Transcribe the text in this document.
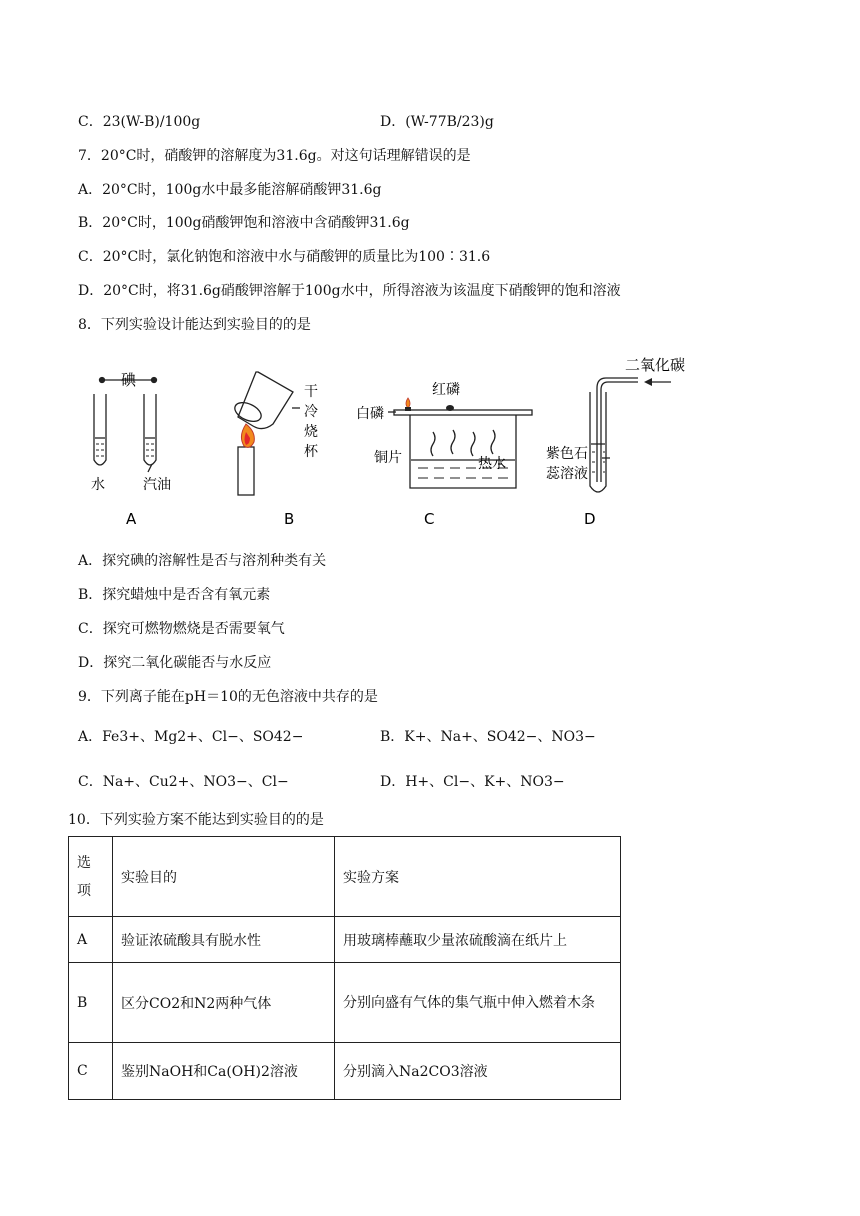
C．23(W-B)/100g	D．(W-77B/23)g
7．20°C时，硝酸钾的溶解度为31.6g。对这句话理解错误的是
A．20°C时，100g水中最多能溶解硝酸钾31.6g
B．20°C时，100g硝酸钾饱和溶液中含硝酸钾31.6g
C．20°C时，氯化钠饱和溶液中水与硝酸钾的质量比为100∶31.6
D．20°C时，将31.6g硝酸钾溶解于100g水中，所得溶液为该温度下硝酸钾的饱和溶液
8．下列实验设计能达到实验目的的是
碘
水	汽油
A
干
冷
烧
杯
B
白磷
红磷
铜片	热水
C
二氧化碳
紫色石
蕊溶液
D
A．探究碘的溶解性是否与溶剂种类有关
B．探究蜡烛中是否含有氧元素
C．探究可燃物燃烧是否需要氧气
D．探究二氧化碳能否与水反应
9．下列离子能在pH＝10的无色溶液中共存的是
A．Fe3+、Mg2+、Cl−、SO42−	B．K+、Na+、SO42−、NO3−
C．Na+、Cu2+、NO3−、Cl−	D．H+、Cl−、K+、NO3−
10．下列实验方案不能达到实验目的的是
选项	实验目的	实验方案
A	验证浓硫酸具有脱水性	用玻璃棒蘸取少量浓硫酸滴在纸片上
B	区分CO2和N2两种气体	分别向盛有气体的集气瓶中伸入燃着木条
C	鉴别NaOH和Ca(OH)2溶液	分别滴入Na2CO3溶液
